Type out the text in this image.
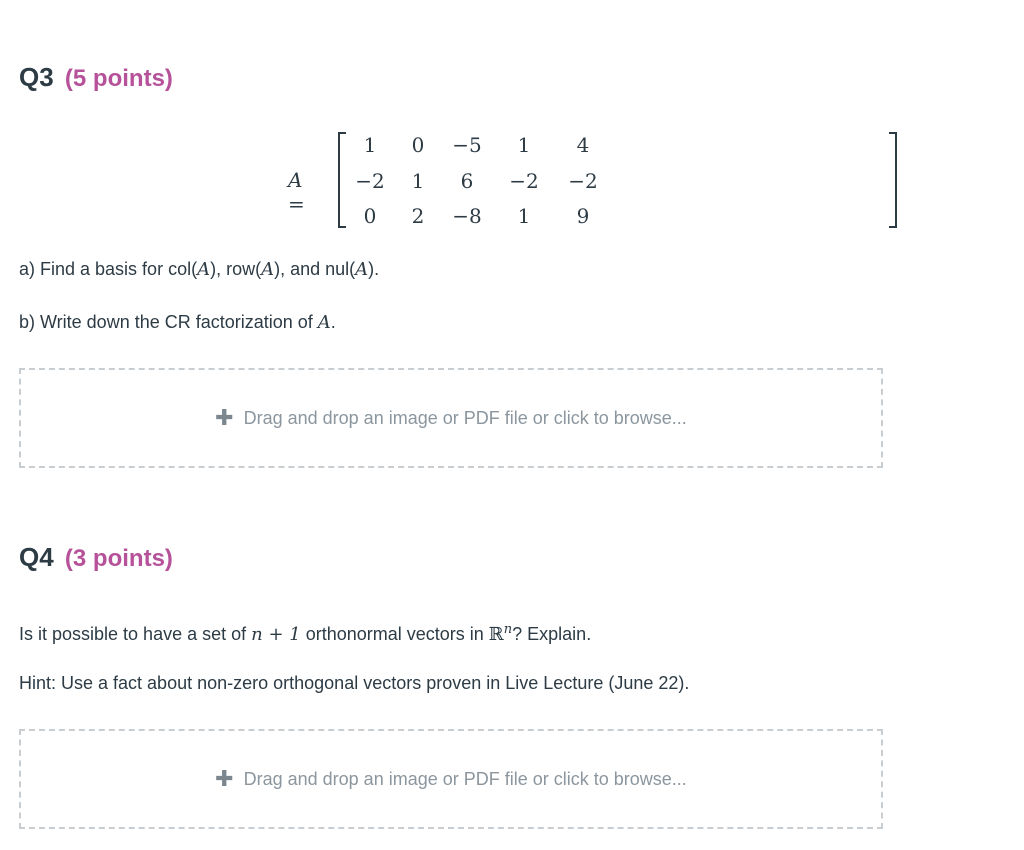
Q3 (5 points)
A =
1	0	−5	1	4
−2	1	6	−2	−2
0	2	−8	1	9
a) Find a basis for col(A), row(A), and nul(A).
b) Write down the CR factorization of A.
✚ Drag and drop an image or PDF file or click to browse...
Q4 (3 points)
Is it possible to have a set of n + 1 orthonormal vectors in ℝ$^n$? Explain.
Hint: Use a fact about non-zero orthogonal vectors proven in Live Lecture (June 22).
✚ Drag and drop an image or PDF file or click to browse...
